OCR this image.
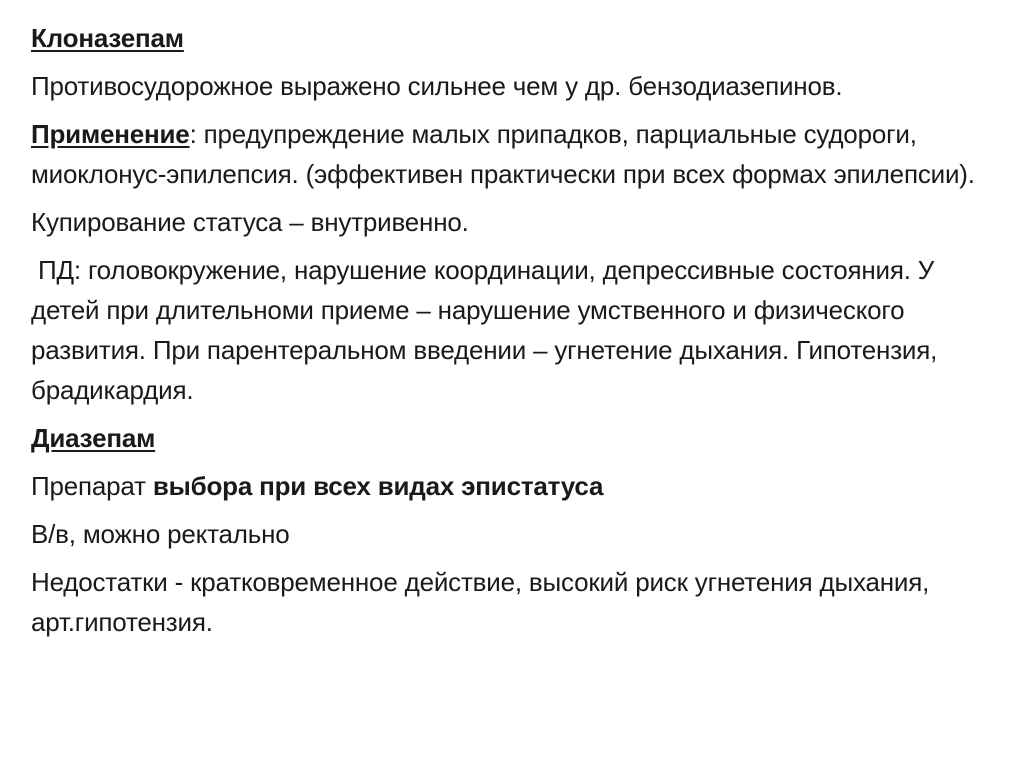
Клоназепам
Противосудорожное выражено сильнее чем у др. бензодиазепинов.
Применение: предупреждение малых припадков, парциальные судороги, миоклонус-эпилепсия. (эффективен практически при всех формах эпилепсии).
Купирование статуса – внутривенно.
ПД: головокружение, нарушение координации, депрессивные состояния. У детей при длительноми приеме – нарушение умственного и физического развития. При парентеральном введении – угнетение дыхания. Гипотензия, брадикардия.
Диазепам
Препарат выбора при всех видах эпистатуса
В/в, можно ректально
Недостатки - кратковременное действие, высокий риск угнетения дыхания, арт.гипотензия.
